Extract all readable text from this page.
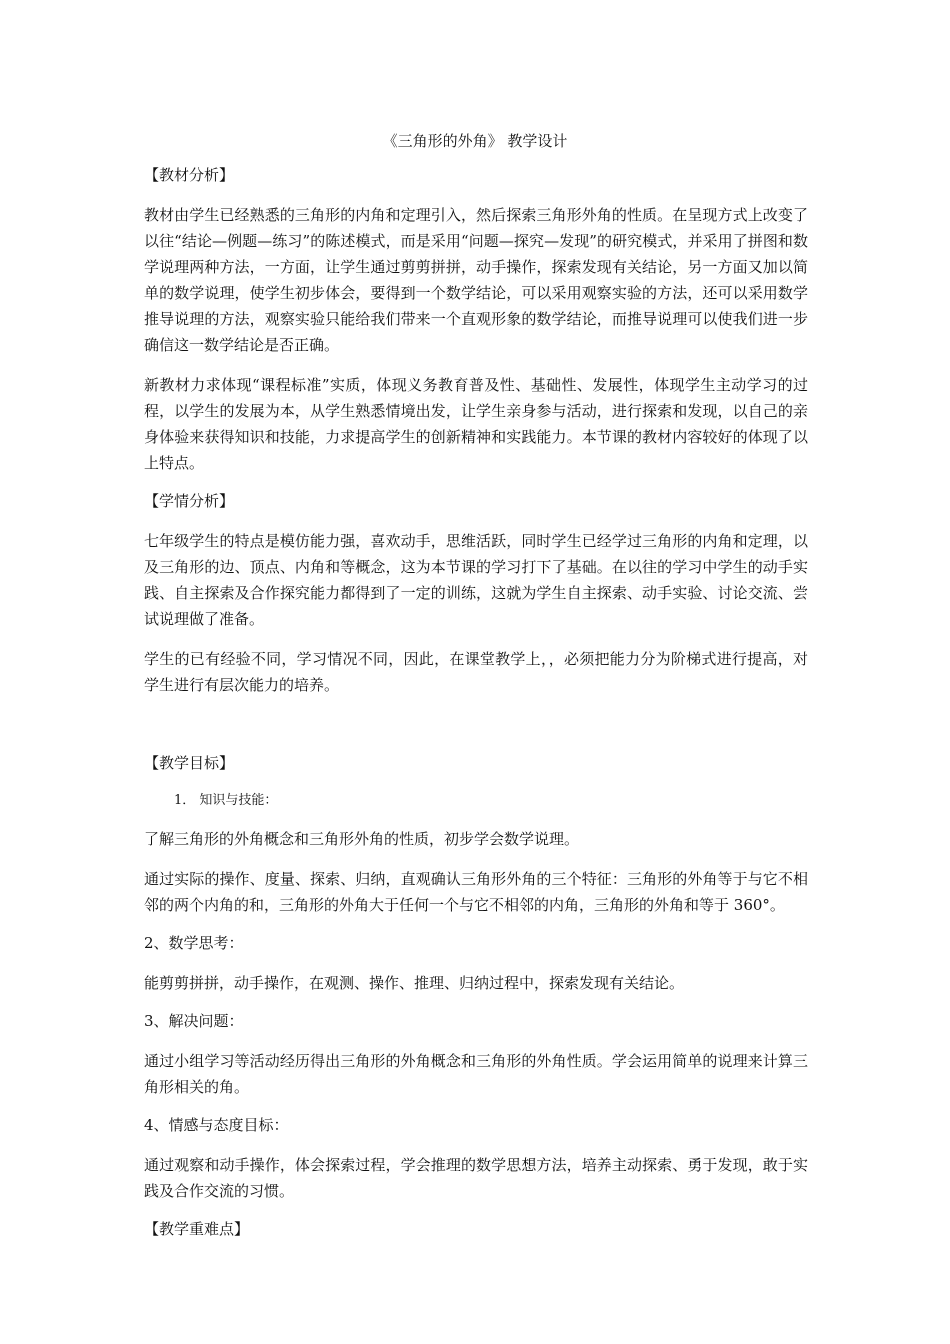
《三角形的外角》 教学设计
【教材分析】

教材由学生已经熟悉的三角形的内角和定理引入，然后探索三角形外角的性质。在呈现方式上改变了以往“结论—例题—练习”的陈述模式，而是采用“问题—探究—发现”的研究模式，并采用了拼图和数学说理两种方法，一方面，让学生通过剪剪拼拼，动手操作，探索发现有关结论，另一方面又加以简单的数学说理，使学生初步体会，要得到一个数学结论，可以采用观察实验的方法，还可以采用数学推导说理的方法，观察实验只能给我们带来一个直观形象的数学结论，而推导说理可以使我们进一步确信这一数学结论是否正确。

新教材力求体现“课程标准”实质，体现义务教育普及性、基础性、发展性，体现学生主动学习的过程，以学生的发展为本，从学生熟悉情境出发，让学生亲身参与活动，进行探索和发现，以自己的亲身体验来获得知识和技能，力求提高学生的创新精神和实践能力。本节课的教材内容较好的体现了以上特点。

【学情分析】

七年级学生的特点是模仿能力强，喜欢动手，思维活跃，同时学生已经学过三角形的内角和定理，以及三角形的边、顶点、内角和等概念，这为本节课的学习打下了基础。在以往的学习中学生的动手实践、自主探索及合作探究能力都得到了一定的训练，这就为学生自主探索、动手实验、讨论交流、尝试说理做了准备。

学生的已有经验不同，学习情况不同，因此，在课堂教学上，，必须把能力分为阶梯式进行提高，对学生进行有层次能力的培养。

【教学目标】
1． 知识与技能：

了解三角形的外角概念和三角形外角的性质，初步学会数学说理。

通过实际的操作、度量、探索、归纳，直观确认三角形外角的三个特征：三角形的外角等于与它不相邻的两个内角的和，三角形的外角大于任何一个与它不相邻的内角，三角形的外角和等于 360°。

2、数学思考：

能剪剪拼拼，动手操作，在观测、操作、推理、归纳过程中，探索发现有关结论。

3、解决问题：

通过小组学习等活动经历得出三角形的外角概念和三角形的外角性质。学会运用简单的说理来计算三角形相关的角。

4、情感与态度目标：

通过观察和动手操作，体会探索过程，学会推理的数学思想方法，培养主动探索、勇于发现，敢于实践及合作交流的习惯。

【教学重难点】
